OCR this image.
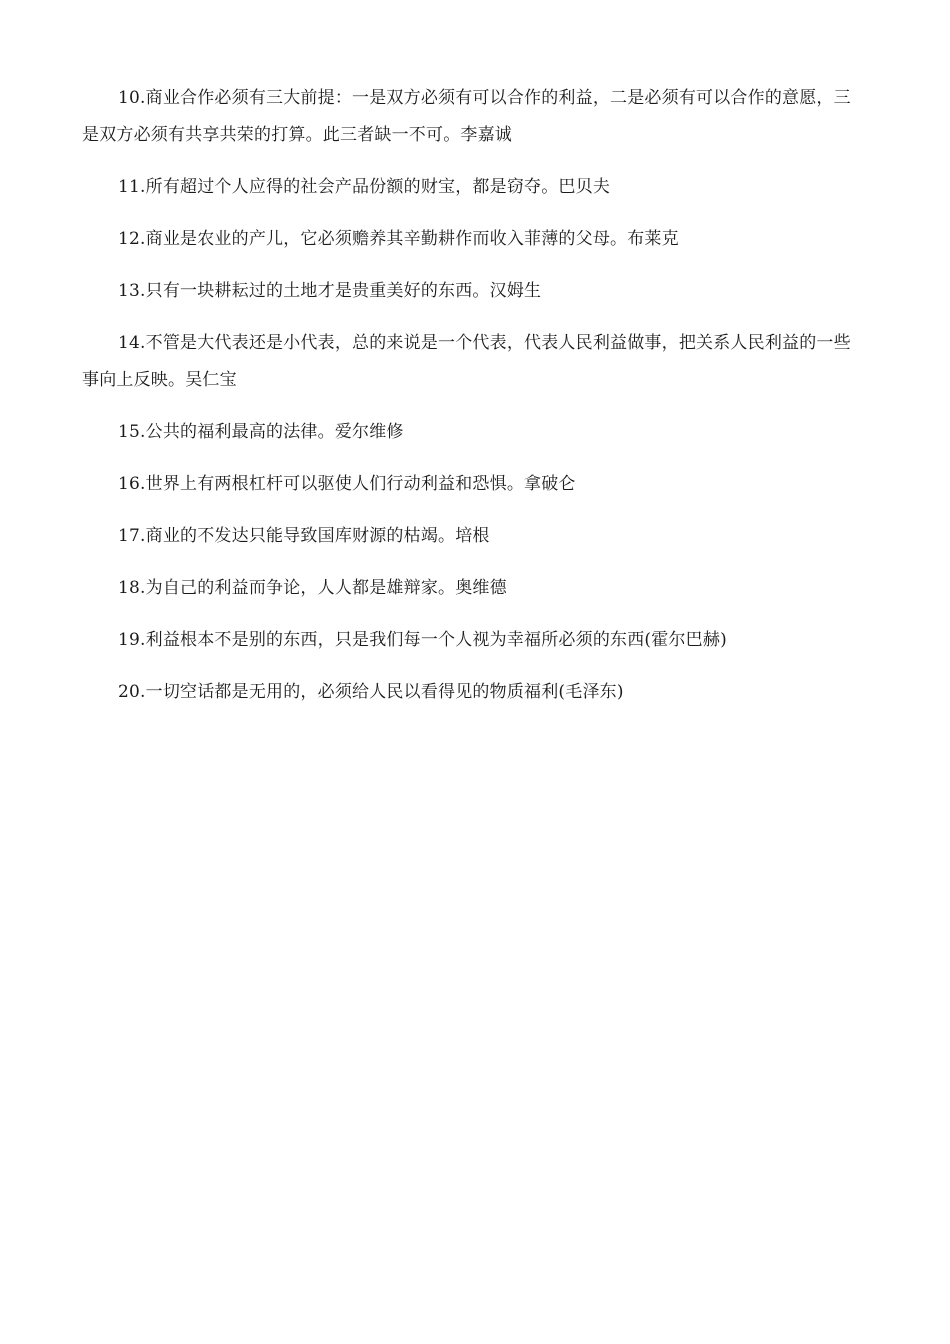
10.商业合作必须有三大前提：一是双方必须有可以合作的利益，二是必须有可以合作的意愿，三是双方必须有共享共荣的打算。此三者缺一不可。李嘉诚

11.所有超过个人应得的社会产品份额的财宝，都是窃夺。巴贝夫

12.商业是农业的产儿，它必须赡养其辛勤耕作而收入菲薄的父母。布莱克

13.只有一块耕耘过的土地才是贵重美好的东西。汉姆生

14.不管是大代表还是小代表，总的来说是一个代表，代表人民利益做事，把关系人民利益的一些事向上反映。吴仁宝

15.公共的福利最高的法律。爱尔维修

16.世界上有两根杠杆可以驱使人们行动利益和恐惧。拿破仑

17.商业的不发达只能导致国库财源的枯竭。培根

18.为自己的利益而争论，人人都是雄辩家。奥维德

19.利益根本不是别的东西，只是我们每一个人视为幸福所必须的东西(霍尔巴赫)

20.一切空话都是无用的，必须给人民以看得见的物质福利(毛泽东)
